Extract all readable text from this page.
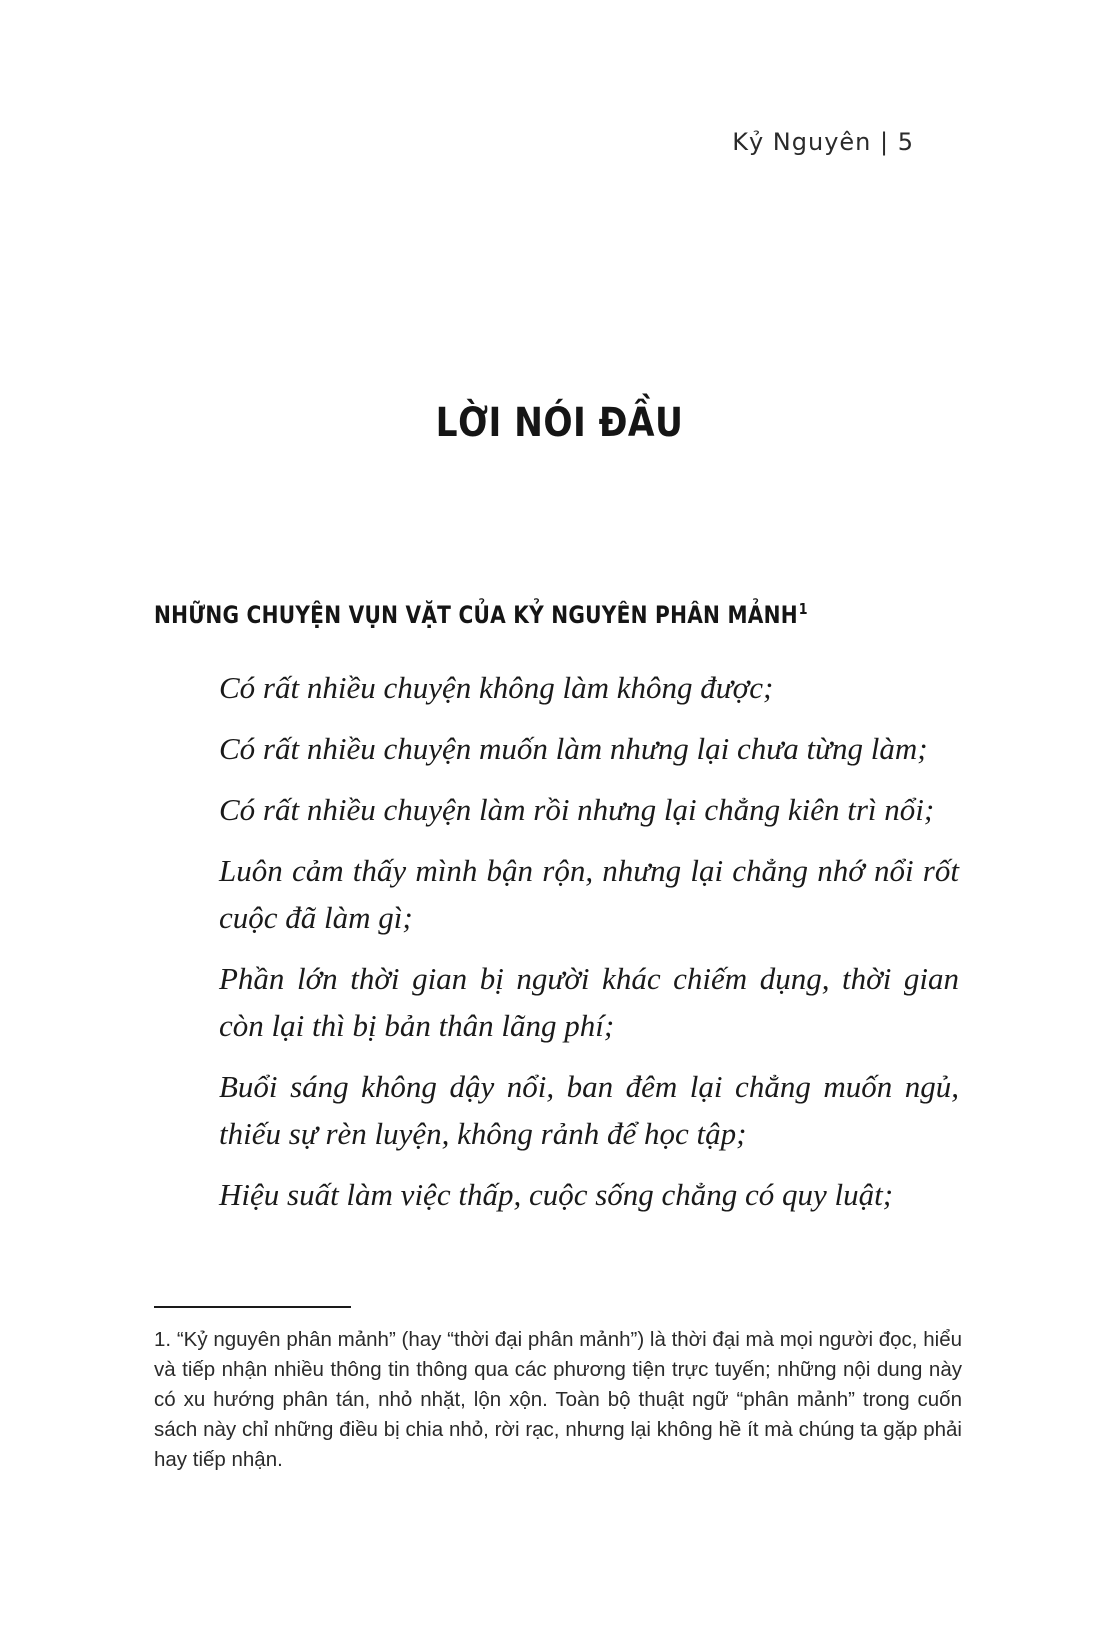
Kỷ Nguyên | 5
LỜI NÓI ĐẦU
NHỮNG CHUYỆN VỤN VẶT CỦA KỶ NGUYÊN PHÂN MẢNH$^1$

Có rất nhiều chuyện không làm không được;

Có rất nhiều chuyện muốn làm nhưng lại chưa từng làm;

Có rất nhiều chuyện làm rồi nhưng lại chẳng kiên trì nổi;

Luôn cảm thấy mình bận rộn, nhưng lại chẳng nhớ nổi rốt cuộc đã làm gì;

Phần lớn thời gian bị người khác chiếm dụng, thời gian còn lại thì bị bản thân lãng phí;

Buổi sáng không dậy nổi, ban đêm lại chẳng muốn ngủ, thiếu sự rèn luyện, không rảnh để học tập;

Hiệu suất làm việc thấp, cuộc sống chẳng có quy luật;

1. “Kỷ nguyên phân mảnh” (hay “thời đại phân mảnh”) là thời đại mà mọi người đọc, hiểu và tiếp nhận nhiều thông tin thông qua các phương tiện trực tuyến; những nội dung này có xu hướng phân tán, nhỏ nhặt, lộn xộn. Toàn bộ thuật ngữ “phân mảnh” trong cuốn sách này chỉ những điều bị chia nhỏ, rời rạc, nhưng lại không hề ít mà chúng ta gặp phải hay tiếp nhận.
